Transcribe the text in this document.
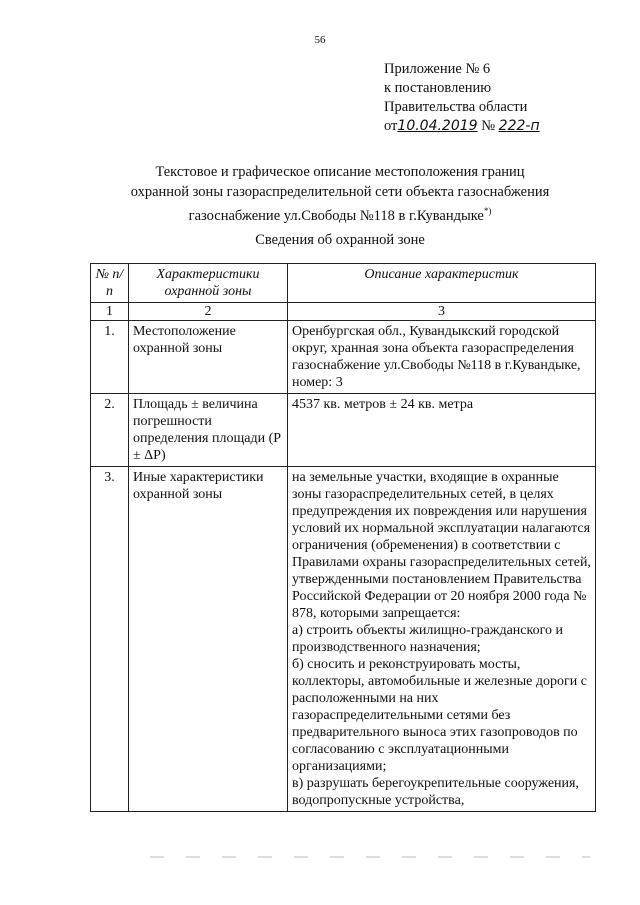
56
Приложение № 6
к постановлению
Правительства области
от10.04.2019 № 222-п
Текстовое и графическое описание местоположения границ
охранной зоны газораспределительной сети объекта газоснабжения
газоснабжение ул.Свободы №118 в г.Кувандыке*)
Сведения об охранной зоне
№ п/п	Характеристики охранной зоны	Описание характеристик
1	2	3
1.	Местоположение охранной зоны	Оренбургская обл., Кувандыкский городской округ, хранная зона объекта газораспределения газоснабжение ул.Свободы №118 в г.Кувандыке, номер: 3
2.	Площадь ± величина погрешности определения площади (P ± ΔP)	4537 кв. метров ± 24 кв. метра
3.	Иные характеристики охранной зоны	на земельные участки, входящие в охранные зоны газораспределительных сетей, в целях предупреждения их повреждения или нарушения условий их нормальной эксплуатации налагаются ограничения (обременения) в соответствии с Правилами охраны газораспределительных сетей, утвержденными постановлением Правительства Российской Федерации от 20 ноября 2000 года № 878, которыми запрещается:
а) строить объекты жилищно-гражданского и производственного назначения;
б) сносить и реконструировать мосты, коллекторы, автомобильные и железные дороги с расположенными на них газораспределительными сетями без предварительного выноса этих газопроводов по согласованию с эксплуатационными организациями;
в) разрушать берегоукрепительные сооружения, водопропускные устройства,
